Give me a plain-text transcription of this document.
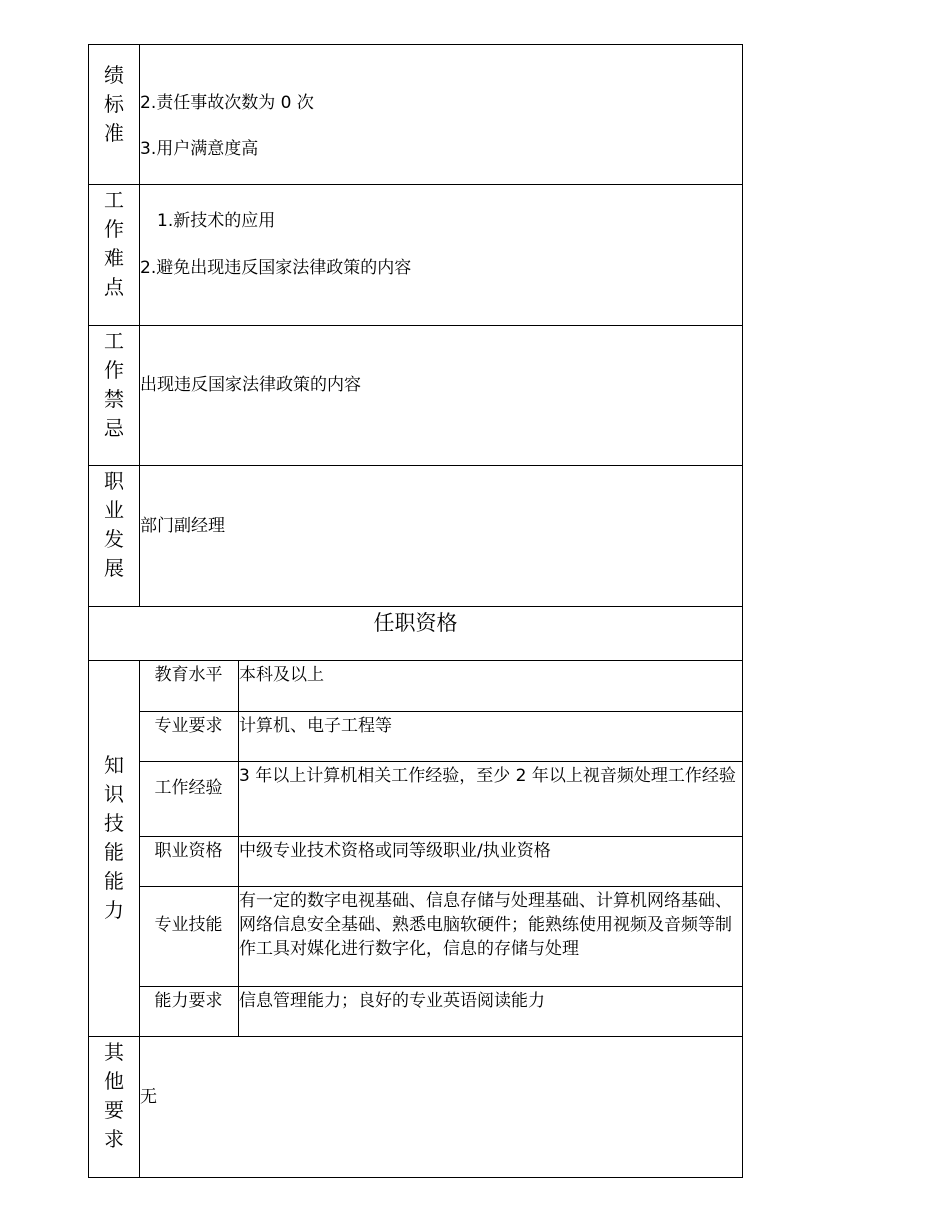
绩
标
准
2.责任事故次数为 0 次
3.用户满意度高
工
作
难
点
1.新技术的应用
2.避免出现违反国家法律政策的内容
工
作
禁
忌
出现违反国家法律政策的内容
职
业
发
展
部门副经理
任职资格
知
识
技
能
能
力
教育水平 本科及以上
专业要求 计算机、电子工程等
工作经验
3 年以上计算机相关工作经验，至少 2 年以上视音频处理工作经验
职业资格 中级专业技术资格或同等级职业/执业资格
专业技能
有一定的数字电视基础、信息存储与处理基础、计算机网络基础、网络信息安全基础、熟悉电脑软硬件；能熟练使用视频及音频等制作工具对媒化进行数字化，信息的存储与处理
能力要求 信息管理能力；良好的专业英语阅读能力
其
他
要
求
无
